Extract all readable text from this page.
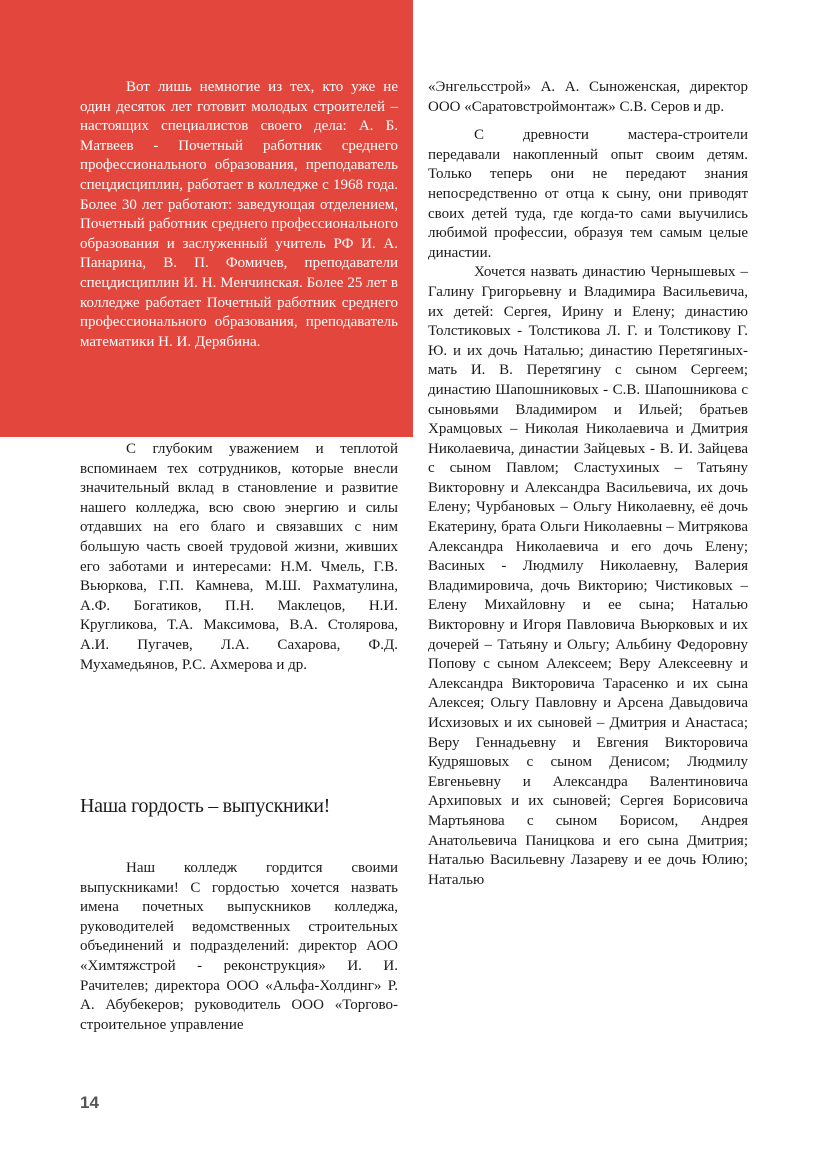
Вот лишь немногие из тех, кто уже не один десяток лет готовит молодых строителей – настоящих специалистов своего дела: А. Б. Матвеев - Почетный работник среднего профессионального образования, преподаватель спецдисциплин, работает в колледже с 1968 года. Более 30 лет работают: заведующая отделением, Почетный работник среднего профессионального образования и заслуженный учитель РФ И. А. Панарина, В. П. Фомичев, преподаватели спецдисциплин И. Н. Менчинская. Более 25 лет в колледже работает Почетный работник среднего профессионального образования, преподаватель математики Н. И. Дерябина.

С глубоким уважением и теплотой вспоминаем тех сотрудников, которые внесли значительный вклад в становление и развитие нашего колледжа, всю свою энергию и силы отдавших на его благо и связавших с ним большую часть своей трудовой жизни, живших его заботами и интересами: Н.М. Чмель, Г.В. Вьюркова, Г.П. Камнева, М.Ш. Рахматулина, А.Ф. Богатиков, П.Н. Маклецов, Н.И. Кругликова, Т.А. Максимова, В.А. Столярова, А.И. Пугачев, Л.А. Сахарова, Ф.Д. Мухамедьянов, Р.С. Ахмерова и др.

Наша гордость – выпускники!

Наш колледж гордится своими выпускниками! С гордостью хочется назвать имена почетных выпускников колледжа, руководителей ведомственных строительных объединений и подразделений: директор АОО «Химтяжстрой - реконструкция» И. И. Рачителев; директора ООО «Альфа-Холдинг» Р. А. Абубекеров; руководитель ООО «Торгово-строительное управление

«Энгельсстрой» А. А. Сыноженская, директор ООО «Саратовстроймонтаж» С.В. Серов и др.

С древности мастера-строители передавали накопленный опыт своим детям. Только теперь они не передают знания непосредственно от отца к сыну, они приводят своих детей туда, где когда-то сами выучились любимой профессии, образуя тем самым целые династии.

Хочется назвать династию Чернышевых – Галину Григорьевну и Владимира Васильевича, их детей: Сергея, Ирину и Елену; династию Толстиковых - Толстикова Л. Г. и Толстикову Г. Ю. и их дочь Наталью; династию Перетягиных- мать И. В. Перетягину с сыном Сергеем; династию Шапошниковых - С.В. Шапошникова с сыновьями Владимиром и Ильей; братьев Храмцовых – Николая Николаевича и Дмитрия Николаевича, династии Зайцевых - В. И. Зайцева с сыном Павлом; Сластухиных – Татьяну Викторовну и Александра Васильевича, их дочь Елену; Чурбановых – Ольгу Николаевну, её дочь Екатерину, брата Ольги Николаевны – Митрякова Александра Николаевича и его дочь Елену; Васиных - Людмилу Николаевну, Валерия Владимировича, дочь Викторию; Чистиковых – Елену Михайловну и ее сына; Наталью Викторовну и Игоря Павловича Вьюрковых и их дочерей – Татьяну и Ольгу; Альбину Федоровну Попову с сыном Алексеем; Веру Алексеевну и Александра Викторовича Тарасенко и их сына Алексея; Ольгу Павловну и Арсена Давыдовича Исхизовых и их сыновей – Дмитрия и Анастаса; Веру Геннадьевну и Евгения Викторовича Кудряшовых с сыном Денисом; Людмилу Евгеньевну и Александра Валентиновича Архиповых и их сыновей; Сергея Борисовича Мартьянова с сыном Борисом, Андрея Анатольевича Паницкова и его сына Дмитрия; Наталью Васильевну Лазареву и ее дочь Юлию; Наталью

14
